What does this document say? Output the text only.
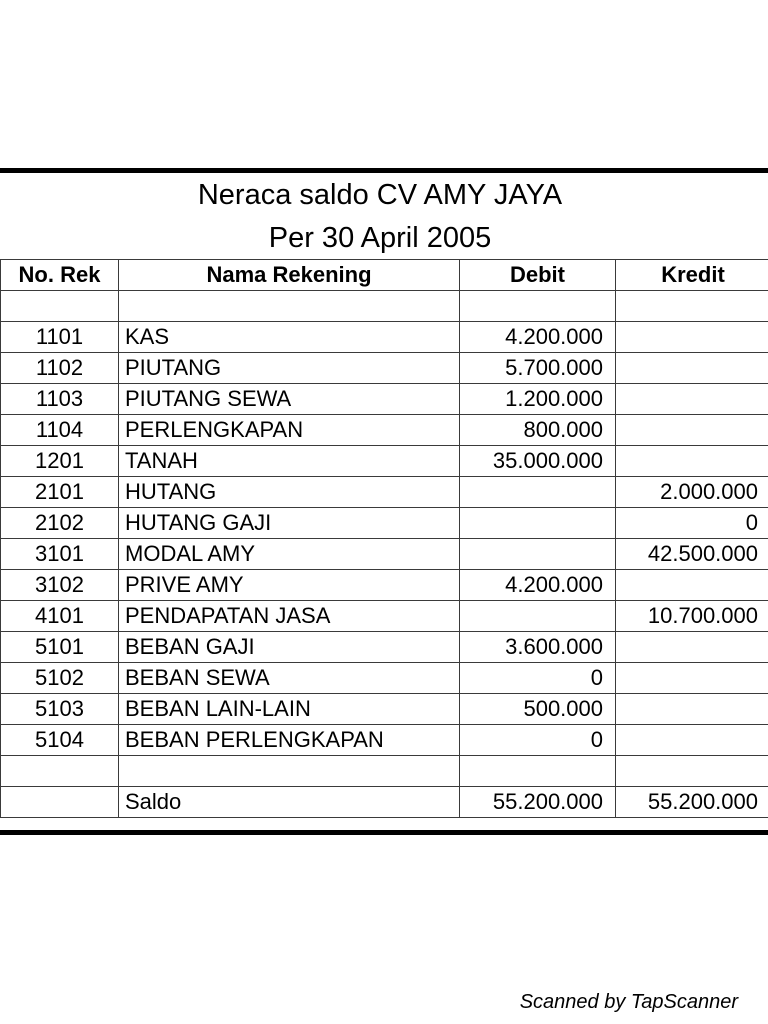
Neraca saldo CV AMY JAYA
Per 30 April 2005
No. Rek	Nama Rekening	Debit	Kredit

1101	KAS	4.200.000	
1102	PIUTANG	5.700.000	
1103	PIUTANG SEWA	1.200.000	
1104	PERLENGKAPAN	800.000	
1201	TANAH	35.000.000	
2101	HUTANG		2.000.000
2102	HUTANG GAJI		0
3101	MODAL AMY		42.500.000
3102	PRIVE AMY	4.200.000	
4101	PENDAPATAN JASA		10.700.000
5101	BEBAN GAJI	3.600.000	
5102	BEBAN SEWA	0	
5103	BEBAN LAIN-LAIN	500.000	
5104	BEBAN PERLENGKAPAN	0	

	Saldo	55.200.000	55.200.000
Scanned by TapScanner
